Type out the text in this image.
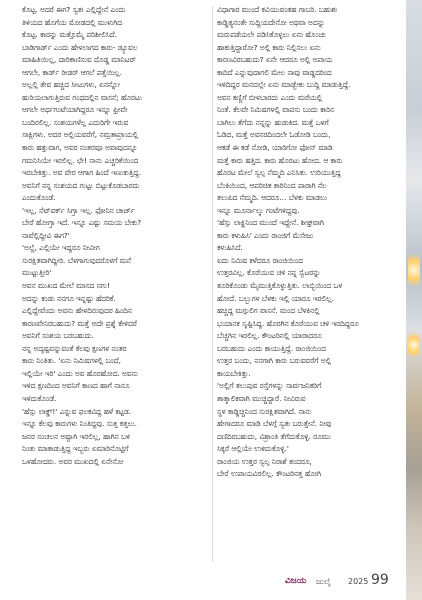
ಕೊಟ್ಟ. ಅದರೆ ಈಗ? ಸ್ವತಃ ಎಲ್ಲಿದ್ದೇನೆ ಎಂದು
ತಿಳಿಯದ ಹೊಗೆಯ ಮೋಡದಲ್ಲಿ ಮುಳುಗಿದ
ಕೊಟ್ಟ. ಕಾರನ್ನು ಮತ್ತೊಮ್ಮೆ ಪರಿಶೀಲಿಸಿದೆ.
ಬಾಡಿಗಾರ್ಡ್ ಎಂದು ಹೇಳಲಾಗದ ಕಾರು- ಡ್ಯೂವಲ
ಮಾಹಿತಿಯಿಲ್ಲ, ದಾರಿಕಾಣಿಸುವ ದೊಡ್ಡ ಮಾನಿಟರ್
ಆಗಲೇ, ಕಾರ್ಡ್ ರೀಡರ್ ಆಗಲೆ ಪತ್ತೆಯಿಲ್ಲ.
ಅಲ್ಲಲ್ಲಿ ತೇವ ಹಚ್ಚಿದ ಸೀಟುಗಳು, ಏನನ್ನೋ
ಹುರಿಯಲಾಗುತ್ತಿರುವ ಗಂಧದಲ್ಲಿನ ವಾಸನೆ; ಹೊರಟು
ಆಗಲೇ ಅರ್ಧಗಂಟೆಯಾಗಿದ್ದರೂ ಇನ್ನೂ ಫ್ರೀವೇ
ಬಂದಿರಲಿಲ್ಲ. ಸಂಶಯಗಳೆಲ್ಲ ಎದುರಿಗೇ ಇರುವ
ಸಾಕ್ಷಿಗಳು. ಅದರ ಅಲ್ಲಿಯವರೆಗೆ, ನಮ್ರತಾಪ್ರಾಯಲ್ಲಿ
ಕಾರು ಹತ್ತುವಾಗ, ಅವರ ನಂತರವೂ ಅವಾವುದನ್ನೂ
ಗಮನಿಸಿಯೇ ಇರಲಿಲ್ಲ. ಛೇ! ನಾನು ಎಚ್ಚರಿಕೆಯಿಂದ
ಇರಬೇಕಿತ್ತು. ಅವ ವೇರ ಆಗಾಗ ಹಿಂದೆ ಇಣುಕುತ್ತಿದ್ದ.
ಅವನಿಗೆ ನನ್ನ ಸಂಶಯದ ಗುಟ್ಟು ಬಿಟ್ಟುಕೊಡಬಾರದು
ಎಂದುಕೊಂಡೆ.
'ಇಲ್ಲ, ನೆಟ್‌ವರ್ಕ್ ಸಿಗ್ತಾ ಇಲ್ಲ. ಫೋನಿನ ಚಾರ್ಜ್
ಬೇರೆ ಹೋಗ್ತಾ ಇದೆ. ಇನ್ನೂ ಎಷ್ಟು ಸಮಯ ಬೇಕು?
ನಾವೆಲ್ಲಿದ್ದೀವಿ ಈಗ?'
'ಅಲ್ದೆ, ಎಲ್ಲಿಯೇ ಇದ್ದರೂ ನೀವೀಗ
ಸುರಕ್ಷಿತವಾಗಿದ್ದೀರಿ. ಬೆಳಗಾಗುವುದರೊಳಗೆ ಮನೆ
ಮುಟ್ಟುತ್ತೀರಿ'
ಅವನ ಮುಖದ ಮೇಲೆ ಮಾಸದ ನಗು!
ಅದನ್ನು ಕಂಡು ನನಗೂ ಇನ್ನಷ್ಟು ಹೆದರಿಕೆ.
ಎಲ್ಲಿದ್ದೇವೆಂದು ಅವನು ಹೇಳದಿರುವುದರ ಹಿಂದಿನ
ಕಾರಣವೇನಿರಬಹುದು? ಮತ್ತೆ ಅದೇ ಪ್ರಶ್ನೆ ಕೇಳಿದರೆ
ಅವನಿಗೆ ಸಂಶಯ ಬರಬಹುದು.
ನನ್ನ ಅದೃಷ್ಟವನ್ನುವಂತೆ ಕೆಲವು ಕ್ಷಣಗಳ ನಂತರ
ಕಾರು ನಿಂತಿತು. 'ಏನು ನಿಮಿಷಗಳಲ್ಲಿ ಬಂದೆ,
ಇಲ್ಲಿಯೇ ಇರಿ' ಎಂದು ಅವ ಹೊರಹೋದ. ಅವನು
ಇಳಿದ ಕ್ಷಣದಿಂದ ಅವನಿಗೆ ಕಾಣದ ಹಾಗೆ ನಾನೂ
ಇಳಿದುಕೊಂಡೆ.
'ಹೆಸ್ಸು ಲಾಕ್ಡ್!' ಎನ್ನುವ ಫಲಕವಿದ್ದ ಹಳೆ ಕಟ್ಟಡ.
ಇನ್ನೂ ಕೆಲವು ಕಾರುಗಳು ನಿಂತಿದ್ದವು. ಸುತ್ತ ಕತ್ತಲು.
ಜನರ ಸಂಚಲನ ಅಷ್ಟಾಗಿ ಇರಲಿಲ್ಲ, ಹಾಗಿನ ಬಳಿ
ನಿಂತು ಮಾತಾಡುತ್ತಿದ್ದ ಇಬ್ಬರು ಏಮಾರಿನೊಟ್ಟಿಗೆ
ಒಳಹೋದರು. ಅವರ ಮುಖದಲ್ಲಿ ಏನೇನೋ
ವಿಧಾಗಾರ ಮುಂದೆ ಕವಿಯುವಂತಹ ಗಾಬರಿ. ಬಹುಶಃ
ಕಾಡ್ಡಿತ್ಯನಂತೇ ಸುದ್ದಿಯದೇನೋ ಅಥವಾ ಅದನ್ನು
ಮರುಪಡೆಯಲೇ ಪಡಿಸಿಕೊಳ್ಳಲು ಏನು ಹೊಂಚು
ಹಾಕುತ್ತಿದ್ದಾರೋ? ಅಲ್ಲಿ ಕಾರು ನಿಲ್ಲಿಸಲು ಏನು
ಕಾರಣವಿರಬಹುದು? ಏನೇ ಆದರೂ ಅಲ್ಲಿ ಅಪಾಯ
ಕಾದಿದೆ ಎನ್ನುವುದಾಗಲಿ ಮೇಲ ನಾವು ವಾಡ್ಡದರಿಂದ
ಇಳಿದಿದ್ದರ ಮನದಲ್ಲೇ ಏನು ಮಾಡ್ಬೇಕು ಬುದ್ದಿ ಮಾಡುತ್ತಿದ್ದೆ.
ಅವನ ಕಣ್ಣಿಗೆ ಬೀಳಬಾರದು ಎಂದು ಮರೆಯಲ್ಲಿ
ನಿಂತೆ. ಕೆಲವೇ ನಿಮಿಷಗಳಲ್ಲಿ ವಾಪಸು ಬಂದು ಕಾರಿನ
ಬಾಗಿಲು ತೆಗೆದು ನನ್ನನ್ನು ಹುಡುಕಿದ. ಮತ್ತೆ ಒಳಗೆ
ಓಡಿದ, ಮತ್ತೆ ಅವನರದಿಂದಲೇ ಓಡೋಡಿ ಬಂದು,
ಆಕಡೆ ಈ ಕಡೆ ನೋಡಿ, ಯಾರಿಗೋ ಫೋನ್ ಮಾಡಿ
ಮತ್ತೆ ಕಾರು ಹತ್ತಿದ. ಕಾರು ಹೊರಟು ಹೋದ. ಆ ಕಾರು
ಹೊರಟ ಮೇಲೆ ಸ್ವಲ್ಪ ನೆಮ್ಮದಿ ಎನಿಸಿತು. ಉರಿಯುತ್ತಿದ್ದ
ಬೆಂಕಿಯಿಂದ, ಆಪರಿಚಿತ ಕಾರಿನಿಂದ ಪಾರಾಗಿ ನೆಲ
ತಲುಪಿದ ನೆಮ್ಮದಿ. ಆದರೂ... ಬೆಳಕು ಮಾಡಲು
ಇನ್ನೂ ಮೂರ್ನಾಲ್ಕು ಗಂಟೆಗಳಿದ್ದವು.
'ಹೆಸ್ಸು ಲಾಕ್ಡಿನಿಂದ ಮುಂದೆ ಇದ್ದೇನೆ. ಶೀಘ್ರವಾಗಿ
ಕಾರು ಕಳುಹಿಸಿ' ಎಂದು ರಾಂಜಿಗೆ ಮೆಸೇಜು
ಕಳುಹಿಸಿದೆ.
ಐದು ನಿಮಿಷ ಕಳೆದರೂ ರಾಂಜಿಯಿಂದ
ಉತ್ತರವಿಲ್ಲ. ಕೊರೆಯುವ ಚಳಿ ನನ್ನ ಸ್ವೆಟರನ್ನು
ತೂರಿಕೊಂಡು ಮೈಮುತ್ತಿಕೊಳ್ಳುತ್ತಿತು. ಲಾಬ್ಬಿಯಿಂದ ಒಳ
ಹೋದೆ. ಬಲ್ಬುಗಳ ಬೆಳಕು ಇಲ್ಲಿ ಯಾರೂ ಇರಲಿಲ್ಲ.
ಹಚ್ಚಿದ್ದ ಮಗ್ಗುಲಿಗ ವಾಸನೆ. ಮಂದ ಬೆಳಕಿನಲ್ಲಿ
ಭಯಾನಕ ಸೃಷ್ಟಿಸಿದ್ದ. ಹೊರಗಿನ ಕೊರೆಯುವ ಚಳಿ ಇರದಿದ್ದರೂ
ಬೆಚ್ಚಗಿನ ಇರಲಿಲ್ಲ. ಕೌಂಟರಿನಲ್ಲಿ ಯಾರಾದರೂ
ಬರಬಹುದು ಎಂದು ಕಾಯುತ್ತಿದ್ದೆ. ರಾಂಜಿಯಿಂದ
ಉತ್ತರ ಬಂದು, ನನಗಾಗಿ ಕಾರು ಬರುವವರೆಗೆ ಅಲ್ಲಿ
ಕಾಯಬೇಕಿತ್ತು.
'ಅಲ್ಲಿಗೆ ತಲುಪುವ ರಸ್ತೆಗಳನ್ನು ಸಾರ್ವಜನಿಕರಿಗೆ
ತಾತ್ಕಾಲಿಕವಾಗಿ ಮುಚ್ಚಿದ್ದಾರೆ. ನೀವಿರುವ
ಸ್ಥಳ ಕಾಡ್ಡಿಚ್ಚಿನಿಂದ ಸುರಕ್ಷಿತವಾಗಿದೆ. ನಾನು
ಹೇಗಾದರೂ ಮಾಡಿ ಬೆಳಗ್ಗೆ ಸ್ವತಃ ಬರುತ್ತೇನೆ. ನೀವು
ದಣಿದಿರಬಹುದು, ವಿಶ್ರಾಂತಿ ತೆಗೆದುಕೊಳ್ಳಿ. ರೂಮು
ಸಿಕ್ಕರೆ ಆಲ್ಲಿಯೇ ಉಳಿದುಕೊಳ್ಳಿ.'
ರಾಂಜಿಯ ಉತ್ತರ ಸ್ವಲ್ಪ ನಿರಾಶೆ ತಂದರೂ,
ಬೇರೆ ಉಪಾಯವಿರಲಿಲ್ಲ. ಕೌಂಟರಿನತ್ತ ಹೋಗಿ
ವಿಜಯ ಜುಲೈ 2025 99
